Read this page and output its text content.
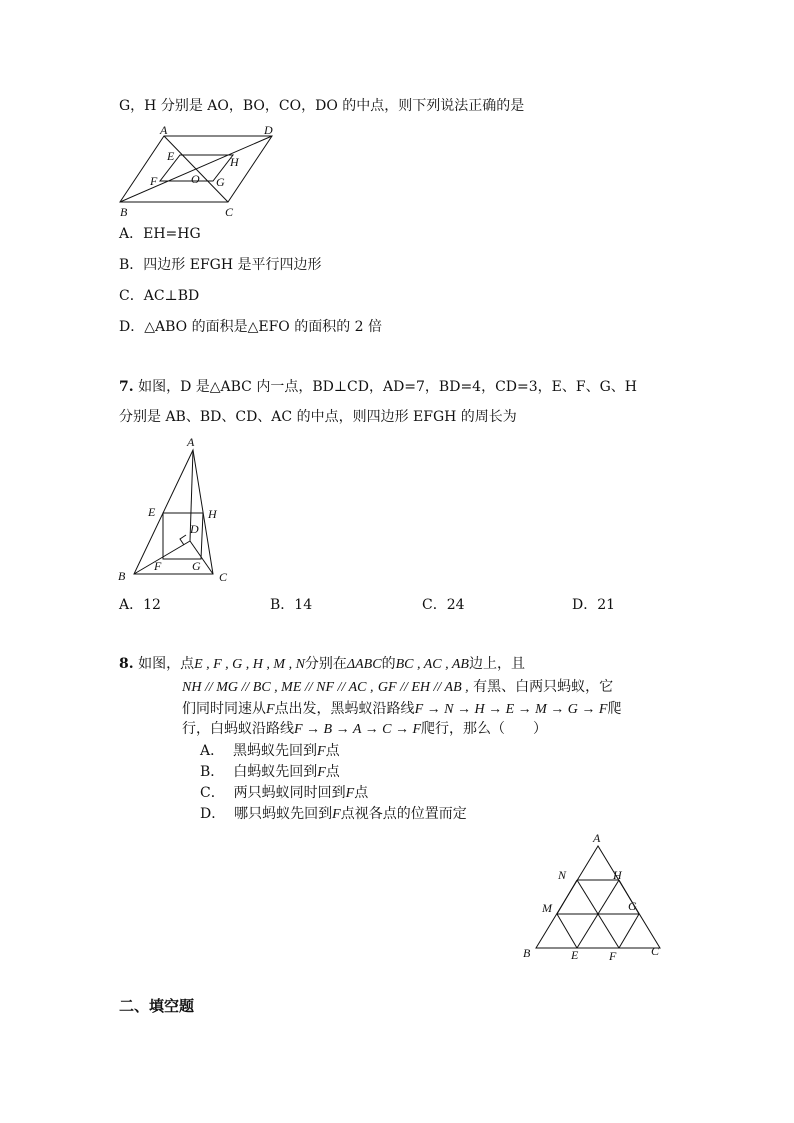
G，H 分别是 AO，BO，CO，DO 的中点，则下列说法正确的是
A	D
E	H
F	O G
B	C
A．EH=HG
B．四边形 EFGH 是平行四边形
C．AC⊥BD
D．△ABO 的面积是△EFO 的面积的 2 倍
7. 如图，D 是△ABC 内一点，BD⊥CD，AD=7，BD=4，CD=3，E、F、G、H
分别是 AB、BD、CD、AC 的中点，则四边形 EFGH 的周长为
A
E	H
D
B
F	G
C
A．12	B．14	C．24	D．21
8. 如图，点E , F , G , H , M , N分别在ΔABC的BC , AC , AB边上，且
NH // MG // BC , ME // NF // AC , GF // EH // AB , 有黑、白两只蚂蚁，它
们同时同速从F点出发，黑蚂蚁沿路线F → N → H → E → M → G → F爬
行，白蚂蚁沿路线F → B → A → C → F爬行，那么（　　）
A． 黑蚂蚁先回到F点
B． 白蚂蚁先回到F点
C． 两只蚂蚁同时回到F点
D． 哪只蚂蚁先回到F点视各点的位置而定
A
N	H
M	G
B	E	F	C
二、填空题
